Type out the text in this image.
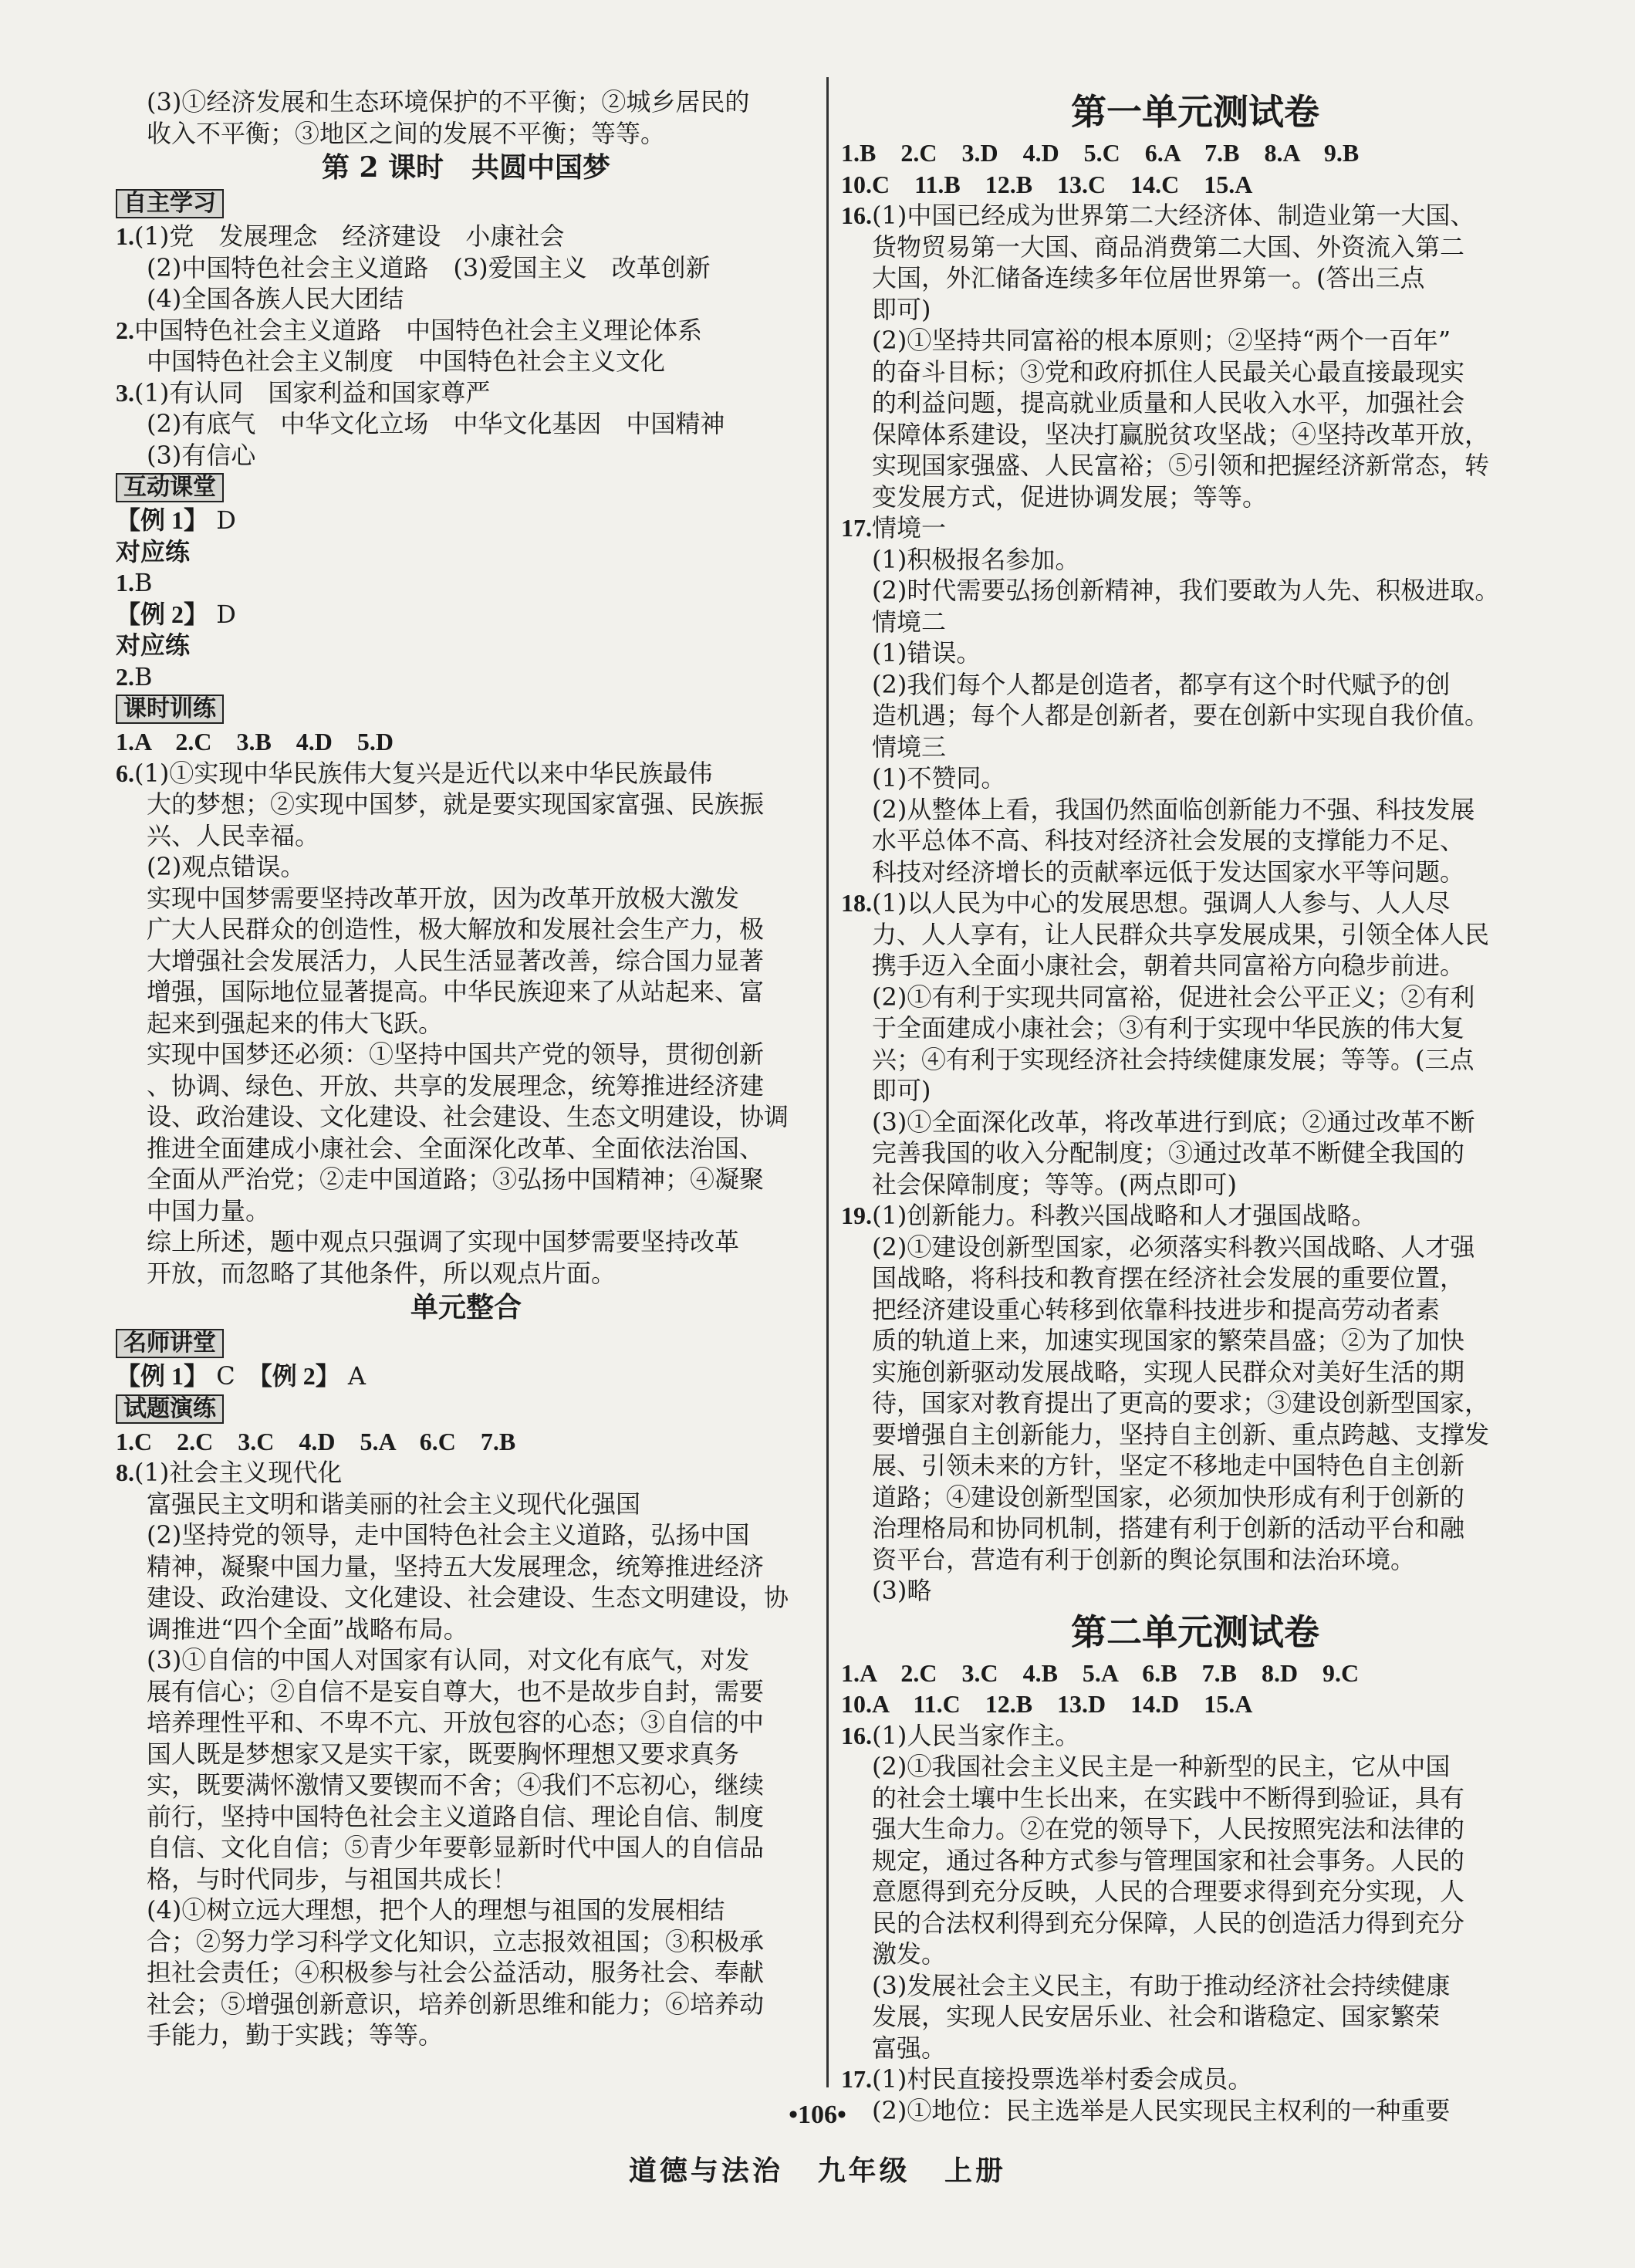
(3)①经济发展和生态环境保护的不平衡；②城乡居民的
收入不平衡；③地区之间的发展不平衡；等等。
第 2 课时　共圆中国梦
自主学习
1.(1)党　发展理念　经济建设　小康社会
(2)中国特色社会主义道路　(3)爱国主义　改革创新
(4)全国各族人民大团结
2.中国特色社会主义道路　中国特色社会主义理论体系
中国特色社会主义制度　中国特色社会主义文化
3.(1)有认同　国家利益和国家尊严
(2)有底气　中华文化立场　中华文化基因　中国精神
(3)有信心
互动课堂
【例 1】 D
对应练
1.B
【例 2】 D
对应练
2.B
课时训练
1.A　2.C　3.B　4.D　5.D
6.(1)①实现中华民族伟大复兴是近代以来中华民族最伟
大的梦想；②实现中国梦，就是要实现国家富强、民族振
兴、人民幸福。
(2)观点错误。
实现中国梦需要坚持改革开放，因为改革开放极大激发
广大人民群众的创造性，极大解放和发展社会生产力，极
大增强社会发展活力，人民生活显著改善，综合国力显著
增强，国际地位显著提高。中华民族迎来了从站起来、富
起来到强起来的伟大飞跃。
实现中国梦还必须：①坚持中国共产党的领导，贯彻创新
、协调、绿色、开放、共享的发展理念，统筹推进经济建
设、政治建设、文化建设、社会建设、生态文明建设，协调
推进全面建成小康社会、全面深化改革、全面依法治国、
全面从严治党；②走中国道路；③弘扬中国精神；④凝聚
中国力量。
综上所述，题中观点只强调了实现中国梦需要坚持改革
开放，而忽略了其他条件，所以观点片面。
单元整合
名师讲堂
【例 1】 C　【例 2】 A
试题演练
1.C　2.C　3.C　4.D　5.A　6.C　7.B
8.(1)社会主义现代化
富强民主文明和谐美丽的社会主义现代化强国
(2)坚持党的领导，走中国特色社会主义道路，弘扬中国
精神，凝聚中国力量，坚持五大发展理念，统筹推进经济
建设、政治建设、文化建设、社会建设、生态文明建设，协
调推进“四个全面”战略布局。
(3)①自信的中国人对国家有认同，对文化有底气，对发
展有信心；②自信不是妄自尊大，也不是故步自封，需要
培养理性平和、不卑不亢、开放包容的心态；③自信的中
国人既是梦想家又是实干家，既要胸怀理想又要求真务
实，既要满怀激情又要锲而不舍；④我们不忘初心，继续
前行，坚持中国特色社会主义道路自信、理论自信、制度
自信、文化自信；⑤青少年要彰显新时代中国人的自信品
格，与时代同步，与祖国共成长！
(4)①树立远大理想，把个人的理想与祖国的发展相结
合；②努力学习科学文化知识，立志报效祖国；③积极承
担社会责任；④积极参与社会公益活动，服务社会、奉献
社会；⑤增强创新意识，培养创新思维和能力；⑥培养动
手能力，勤于实践；等等。
第一单元测试卷
1.B　2.C　3.D　4.D　5.C　6.A　7.B　8.A　9.B
10.C　11.B　12.B　13.C　14.C　15.A
16.(1)中国已经成为世界第二大经济体、制造业第一大国、
货物贸易第一大国、商品消费第二大国、外资流入第二
大国，外汇储备连续多年位居世界第一。(答出三点
即可)
(2)①坚持共同富裕的根本原则；②坚持“两个一百年”
的奋斗目标；③党和政府抓住人民最关心最直接最现实
的利益问题，提高就业质量和人民收入水平，加强社会
保障体系建设，坚决打赢脱贫攻坚战；④坚持改革开放，
实现国家强盛、人民富裕；⑤引领和把握经济新常态，转
变发展方式，促进协调发展；等等。
17.情境一
(1)积极报名参加。
(2)时代需要弘扬创新精神，我们要敢为人先、积极进取。
情境二
(1)错误。
(2)我们每个人都是创造者，都享有这个时代赋予的创
造机遇；每个人都是创新者，要在创新中实现自我价值。
情境三
(1)不赞同。
(2)从整体上看，我国仍然面临创新能力不强、科技发展
水平总体不高、科技对经济社会发展的支撑能力不足、
科技对经济增长的贡献率远低于发达国家水平等问题。
18.(1)以人民为中心的发展思想。强调人人参与、人人尽
力、人人享有，让人民群众共享发展成果，引领全体人民
携手迈入全面小康社会，朝着共同富裕方向稳步前进。
(2)①有利于实现共同富裕，促进社会公平正义；②有利
于全面建成小康社会；③有利于实现中华民族的伟大复
兴；④有利于实现经济社会持续健康发展；等等。(三点
即可)
(3)①全面深化改革，将改革进行到底；②通过改革不断
完善我国的收入分配制度；③通过改革不断健全我国的
社会保障制度；等等。(两点即可)
19.(1)创新能力。科教兴国战略和人才强国战略。
(2)①建设创新型国家，必须落实科教兴国战略、人才强
国战略，将科技和教育摆在经济社会发展的重要位置，
把经济建设重心转移到依靠科技进步和提高劳动者素
质的轨道上来，加速实现国家的繁荣昌盛；②为了加快
实施创新驱动发展战略，实现人民群众对美好生活的期
待，国家对教育提出了更高的要求；③建设创新型国家，
要增强自主创新能力，坚持自主创新、重点跨越、支撑发
展、引领未来的方针，坚定不移地走中国特色自主创新
道路；④建设创新型国家，必须加快形成有利于创新的
治理格局和协同机制，搭建有利于创新的活动平台和融
资平台，营造有利于创新的舆论氛围和法治环境。
(3)略
第二单元测试卷
1.A　2.C　3.C　4.B　5.A　6.B　7.B　8.D　9.C
10.A　11.C　12.B　13.D　14.D　15.A
16.(1)人民当家作主。
(2)①我国社会主义民主是一种新型的民主，它从中国
的社会土壤中生长出来，在实践中不断得到验证，具有
强大生命力。②在党的领导下，人民按照宪法和法律的
规定，通过各种方式参与管理国家和社会事务。人民的
意愿得到充分反映，人民的合理要求得到充分实现，人
民的合法权利得到充分保障，人民的创造活力得到充分
激发。
(3)发展社会主义民主，有助于推动经济社会持续健康
发展，实现人民安居乐业、社会和谐稳定、国家繁荣
富强。
17.(1)村民直接投票选举村委会成员。
(2)①地位：民主选举是人民实现民主权利的一种重要
•106•
道德与法治 九年级 上册
